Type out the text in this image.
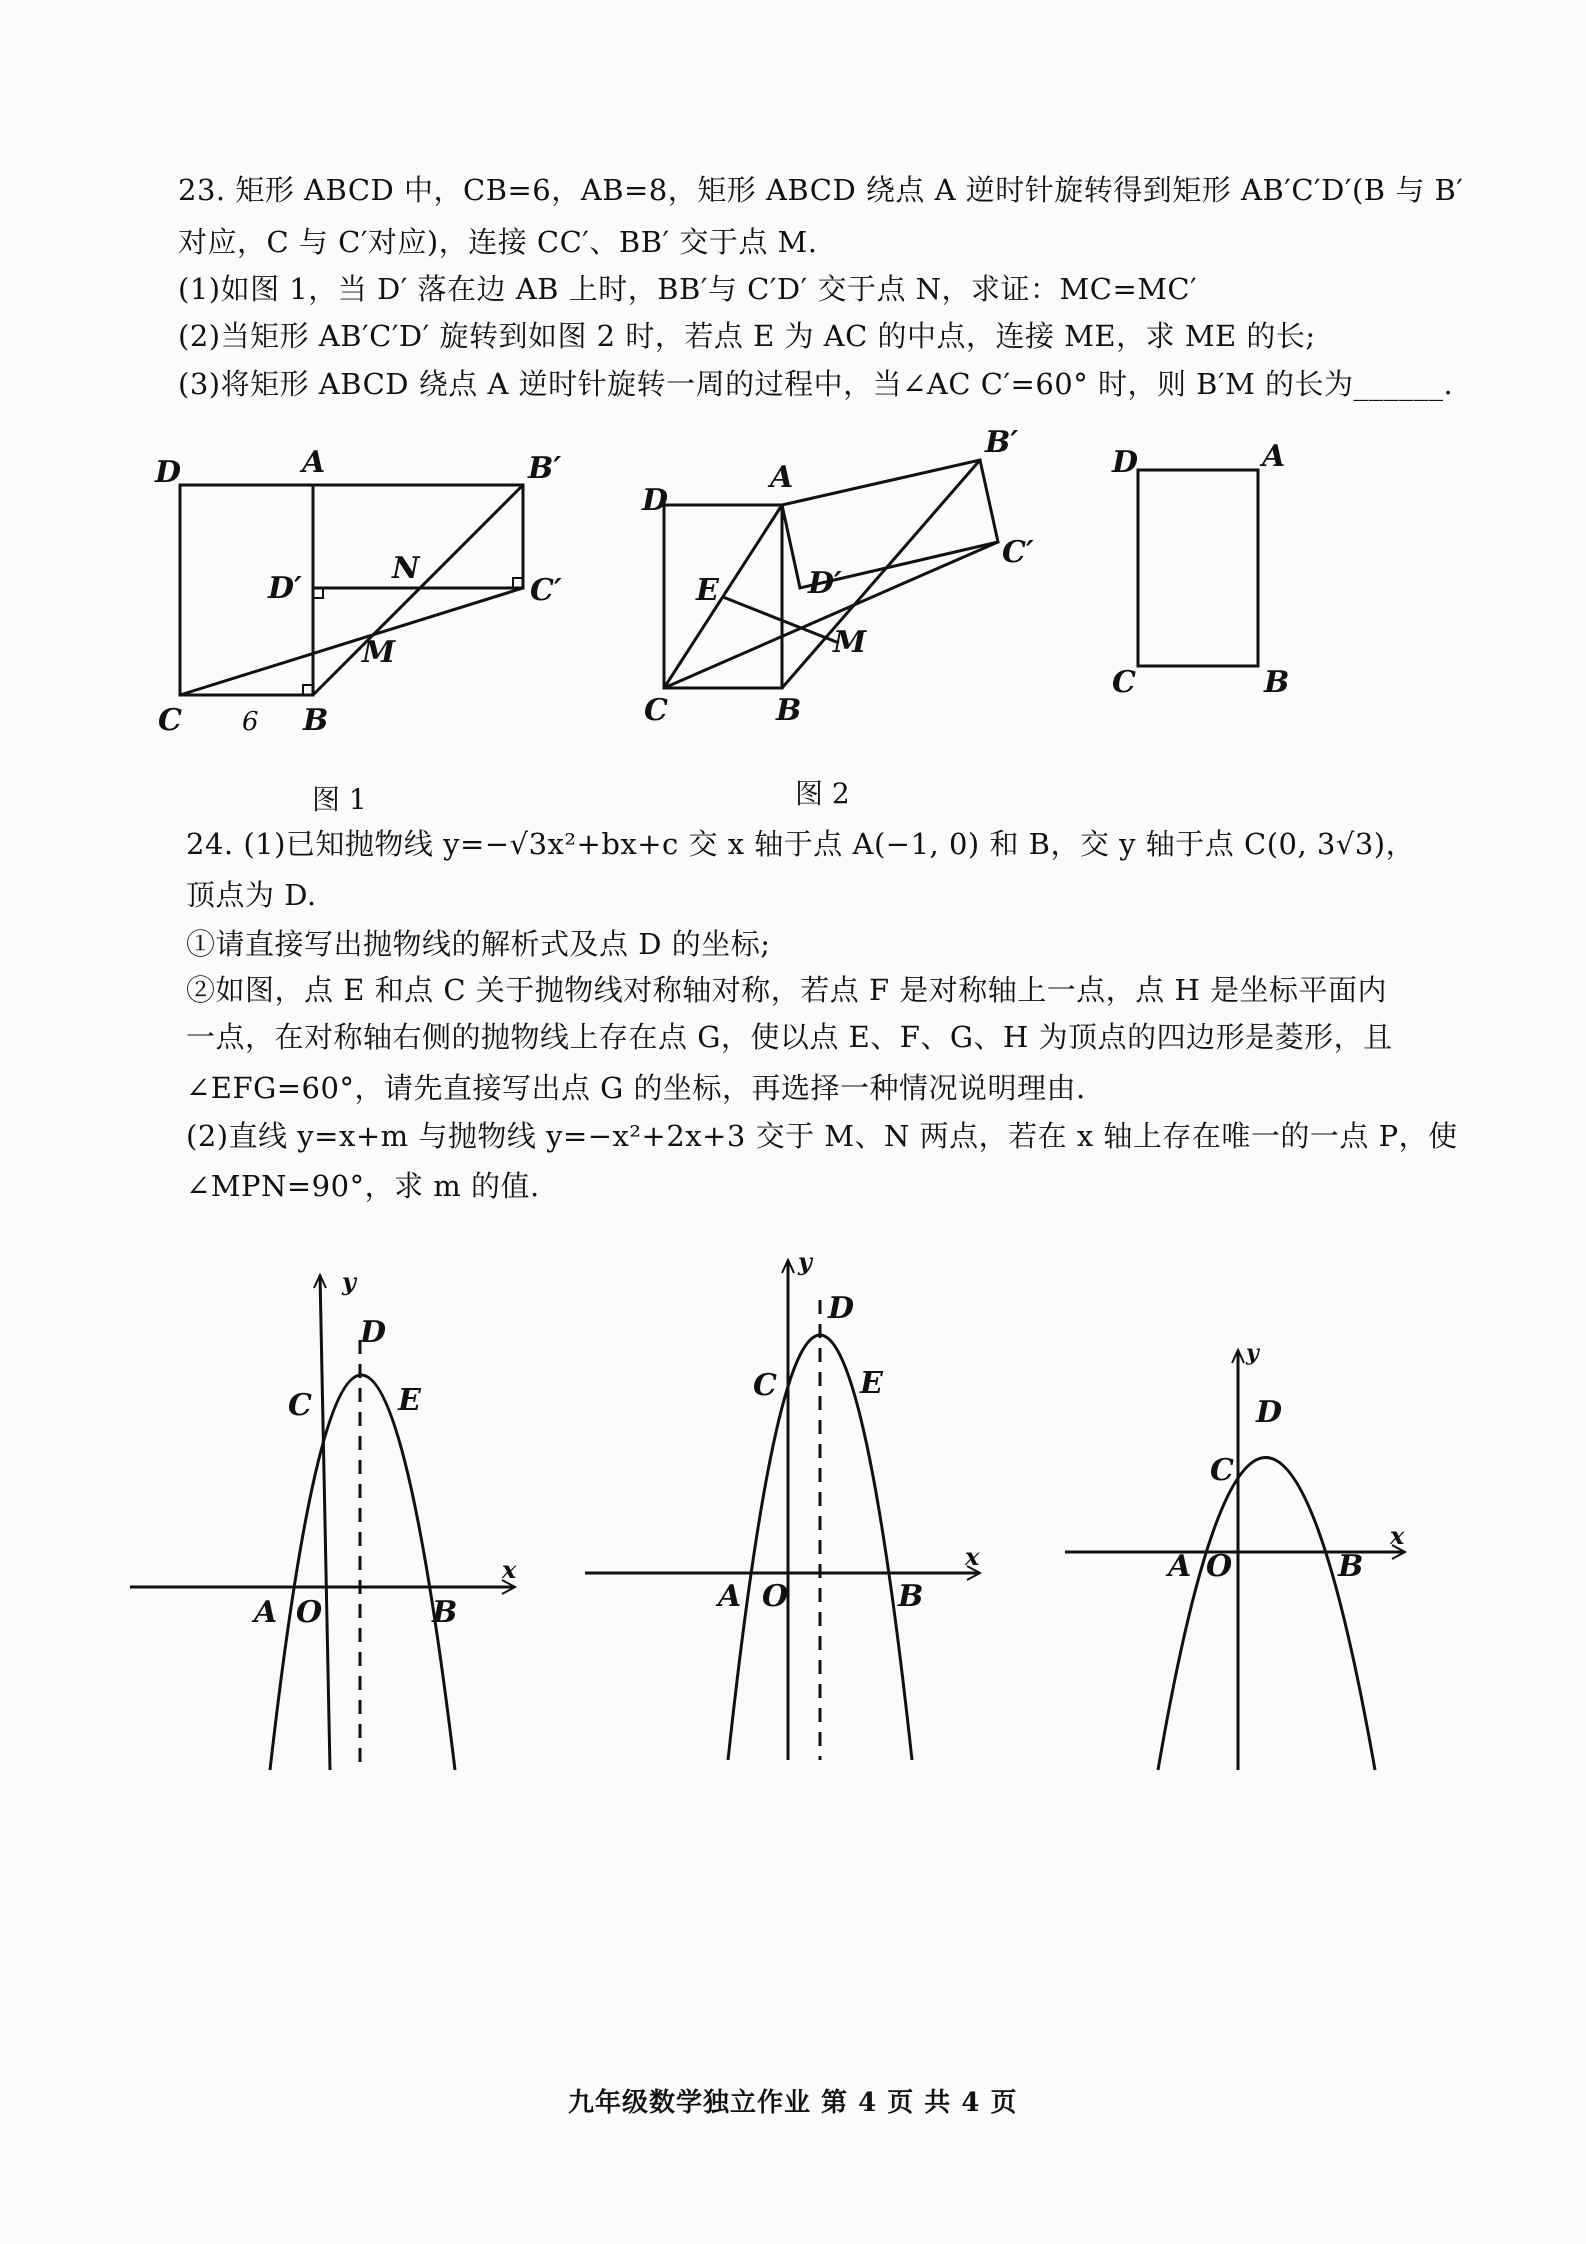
23. 矩形 ABCD 中，CB=6，AB=8，矩形 ABCD 绕点 A 逆时针旋转得到矩形 AB′C′D′(B 与 B′
对应，C 与 C′对应)，连接 CC′、BB′ 交于点 M.
(1)如图 1，当 D′ 落在边 AB 上时，BB′与 C′D′ 交于点 N，求证：MC=MC′
(2)当矩形 AB′C′D′ 旋转到如图 2 时，若点 E 为 AC 的中点，连接 ME，求 ME 的长;
(3)将矩形 ABCD 绕点 A 逆时针旋转一周的过程中，当∠AC C′=60° 时，则 B′M 的长为______.
D	A	B′
D′
N
C′
M
C	B
6
图 1
D
A
B′
E	D′
C′
M
C	B
图 2
D	A
C	B
24. (1)已知抛物线 y=−√3x²+bx+c 交 x 轴于点 A(−1, 0) 和 B，交 y 轴于点 C(0, 3√3)，
顶点为 D.
①请直接写出抛物线的解析式及点 D 的坐标;
②如图，点 E 和点 C 关于抛物线对称轴对称，若点 F 是对称轴上一点，点 H 是坐标平面内
一点，在对称轴右侧的抛物线上存在点 G，使以点 E、F、G、H 为顶点的四边形是菱形，且
∠EFG=60°，请先直接写出点 G 的坐标，再选择一种情况说明理由.
(2)直线 y=x+m 与抛物线 y=−x²+2x+3 交于 M、N 两点，若在 x 轴上存在唯一的一点 P，使
∠MPN=90°，求 m 的值.
y
x
D
C	E
A O	B
y
x
D
C	E
A O	B
y
x
D
C
A O	B
九年级数学独立作业 第 4 页 共 4 页
